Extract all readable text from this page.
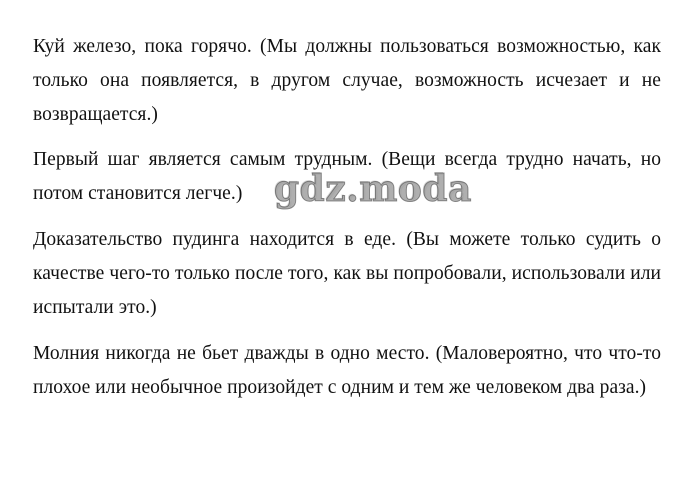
Куй железо, пока горячо. (Мы должны пользоваться возможностью, как только она появляется, в другом случае, возможность исчезает и не возвращается.)

Первый шаг является самым трудным. (Вещи всегда трудно начать, но потом становится легче.)

Доказательство пудинга находится в еде. (Вы можете только судить о качестве чего-то только после того, как вы попробовали, использовали или испытали это.)

Молния никогда не бьет дважды в одно место. (Маловероятно, что что-то плохое или необычное произойдет с одним и тем же человеком два раза.)

gdz.moda
